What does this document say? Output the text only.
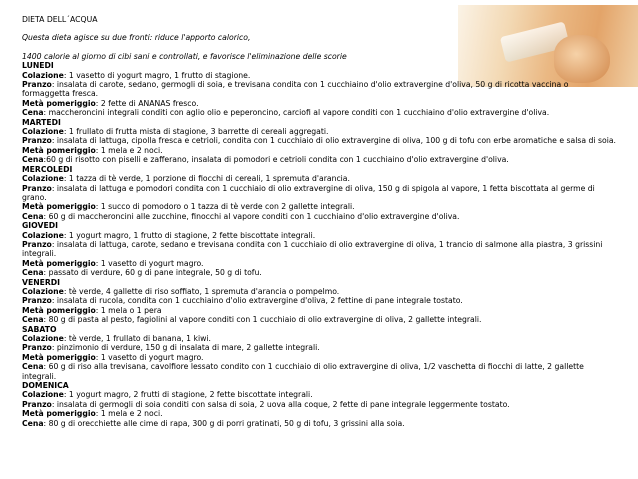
DIETA DELL´ACQUA

Questa dieta agisce su due fronti: riduce l'apporto calorico,

1400 calorie al giorno di cibi sani e controllati, e favorisce l'eliminazione delle scorie

LUNEDI

Colazione: 1 vasetto di yogurt magro, 1 frutto di stagione.

Pranzo: insalata di carote, sedano, germogli di soia, e trevisana condita con 1 cucchiaino d'olio extravergine d'oliva, 50 g di ricotta vaccina o formaggetta fresca.

Metà pomeriggio: 2 fette di ANANAS fresco.

Cena: maccheroncini integrali conditi con aglio olio e peperoncino, carciofi al vapore conditi con 1 cucchiaino d'olio extravergine d'oliva.

MARTEDI

Colazione: 1 frullato di frutta mista di stagione, 3 barrette di cereali aggregati.

Pranzo: insalata di lattuga, cipolla fresca e cetrioli, condita con 1 cucchiaio di olio extravergine di oliva, 100 g di tofu con erbe aromatiche e salsa di soia.

Metà pomeriggio: 1 mela e 2 noci.

Cena:60 g di risotto con piselli e zafferano, insalata di pomodori e cetrioli condita con 1 cucchiaino d'olio extravergine d'oliva.

MERCOLEDI

Colazione: 1 tazza di tè verde, 1 porzione di fiocchi di cereali, 1 spremuta d'arancia.

Pranzo: insalata di lattuga e pomodori condita con 1 cucchiaio di olio extravergine di oliva, 150 g di spigola al vapore, 1 fetta biscottata al germe di grano.

Metà pomeriggio: 1 succo di pomodoro o 1 tazza di tè verde con 2 gallette integrali.

Cena: 60 g di maccheroncini alle zucchine, finocchi al vapore conditi con 1 cucchiaino d'olio extravergine d'oliva.

GIOVEDI

Colazione: 1 yogurt magro, 1 frutto di stagione, 2 fette biscottate integrali.

Pranzo: insalata di lattuga, carote, sedano e trevisana condita con 1 cucchiaio di olio extravergine di oliva, 1 trancio di salmone alla piastra, 3 grissini integrali.

Metà pomeriggio: 1 vasetto di yogurt magro.

Cena: passato di verdure, 60 g di pane integrale, 50 g di tofu.

VENERDI

Colazione: tè verde, 4 gallette di riso soffiato, 1 spremuta d'arancia o pompelmo.

Pranzo: insalata di rucola, condita con 1 cucchiaino d'olio extravergine d'oliva, 2 fettine di pane integrale tostato.

Metà pomeriggio: 1 mela o 1 pera

Cena: 80 g di pasta al pesto, fagiolini al vapore conditi con 1 cucchiaio di olio extravergine di oliva, 2 gallette integrali.

SABATO

Colazione: tè verde, 1 frullato di banana, 1 kiwi.

Pranzo: pinzimonio di verdure, 150 g di insalata di mare, 2 gallette integrali.

Metà pomeriggio: 1 vasetto di yogurt magro.

Cena: 60 g di riso alla trevisana, cavolfiore lessato condito con 1 cucchiaio di olio extravergine di oliva, 1/2 vaschetta di fiocchi di latte, 2 gallette integrali.

DOMENICA

Colazione: 1 yogurt magro, 2 frutti di stagione, 2 fette biscottate integrali.

Pranzo: insalata di germogli di soia conditi con salsa di soia, 2 uova alla coque, 2 fette di pane integrale leggermente tostato.

Metà pomeriggio: 1 mela e 2 noci.

Cena: 80 g di orecchiette alle cime di rapa, 300 g di porri gratinati, 50 g di tofu, 3 grissini alla soia.
